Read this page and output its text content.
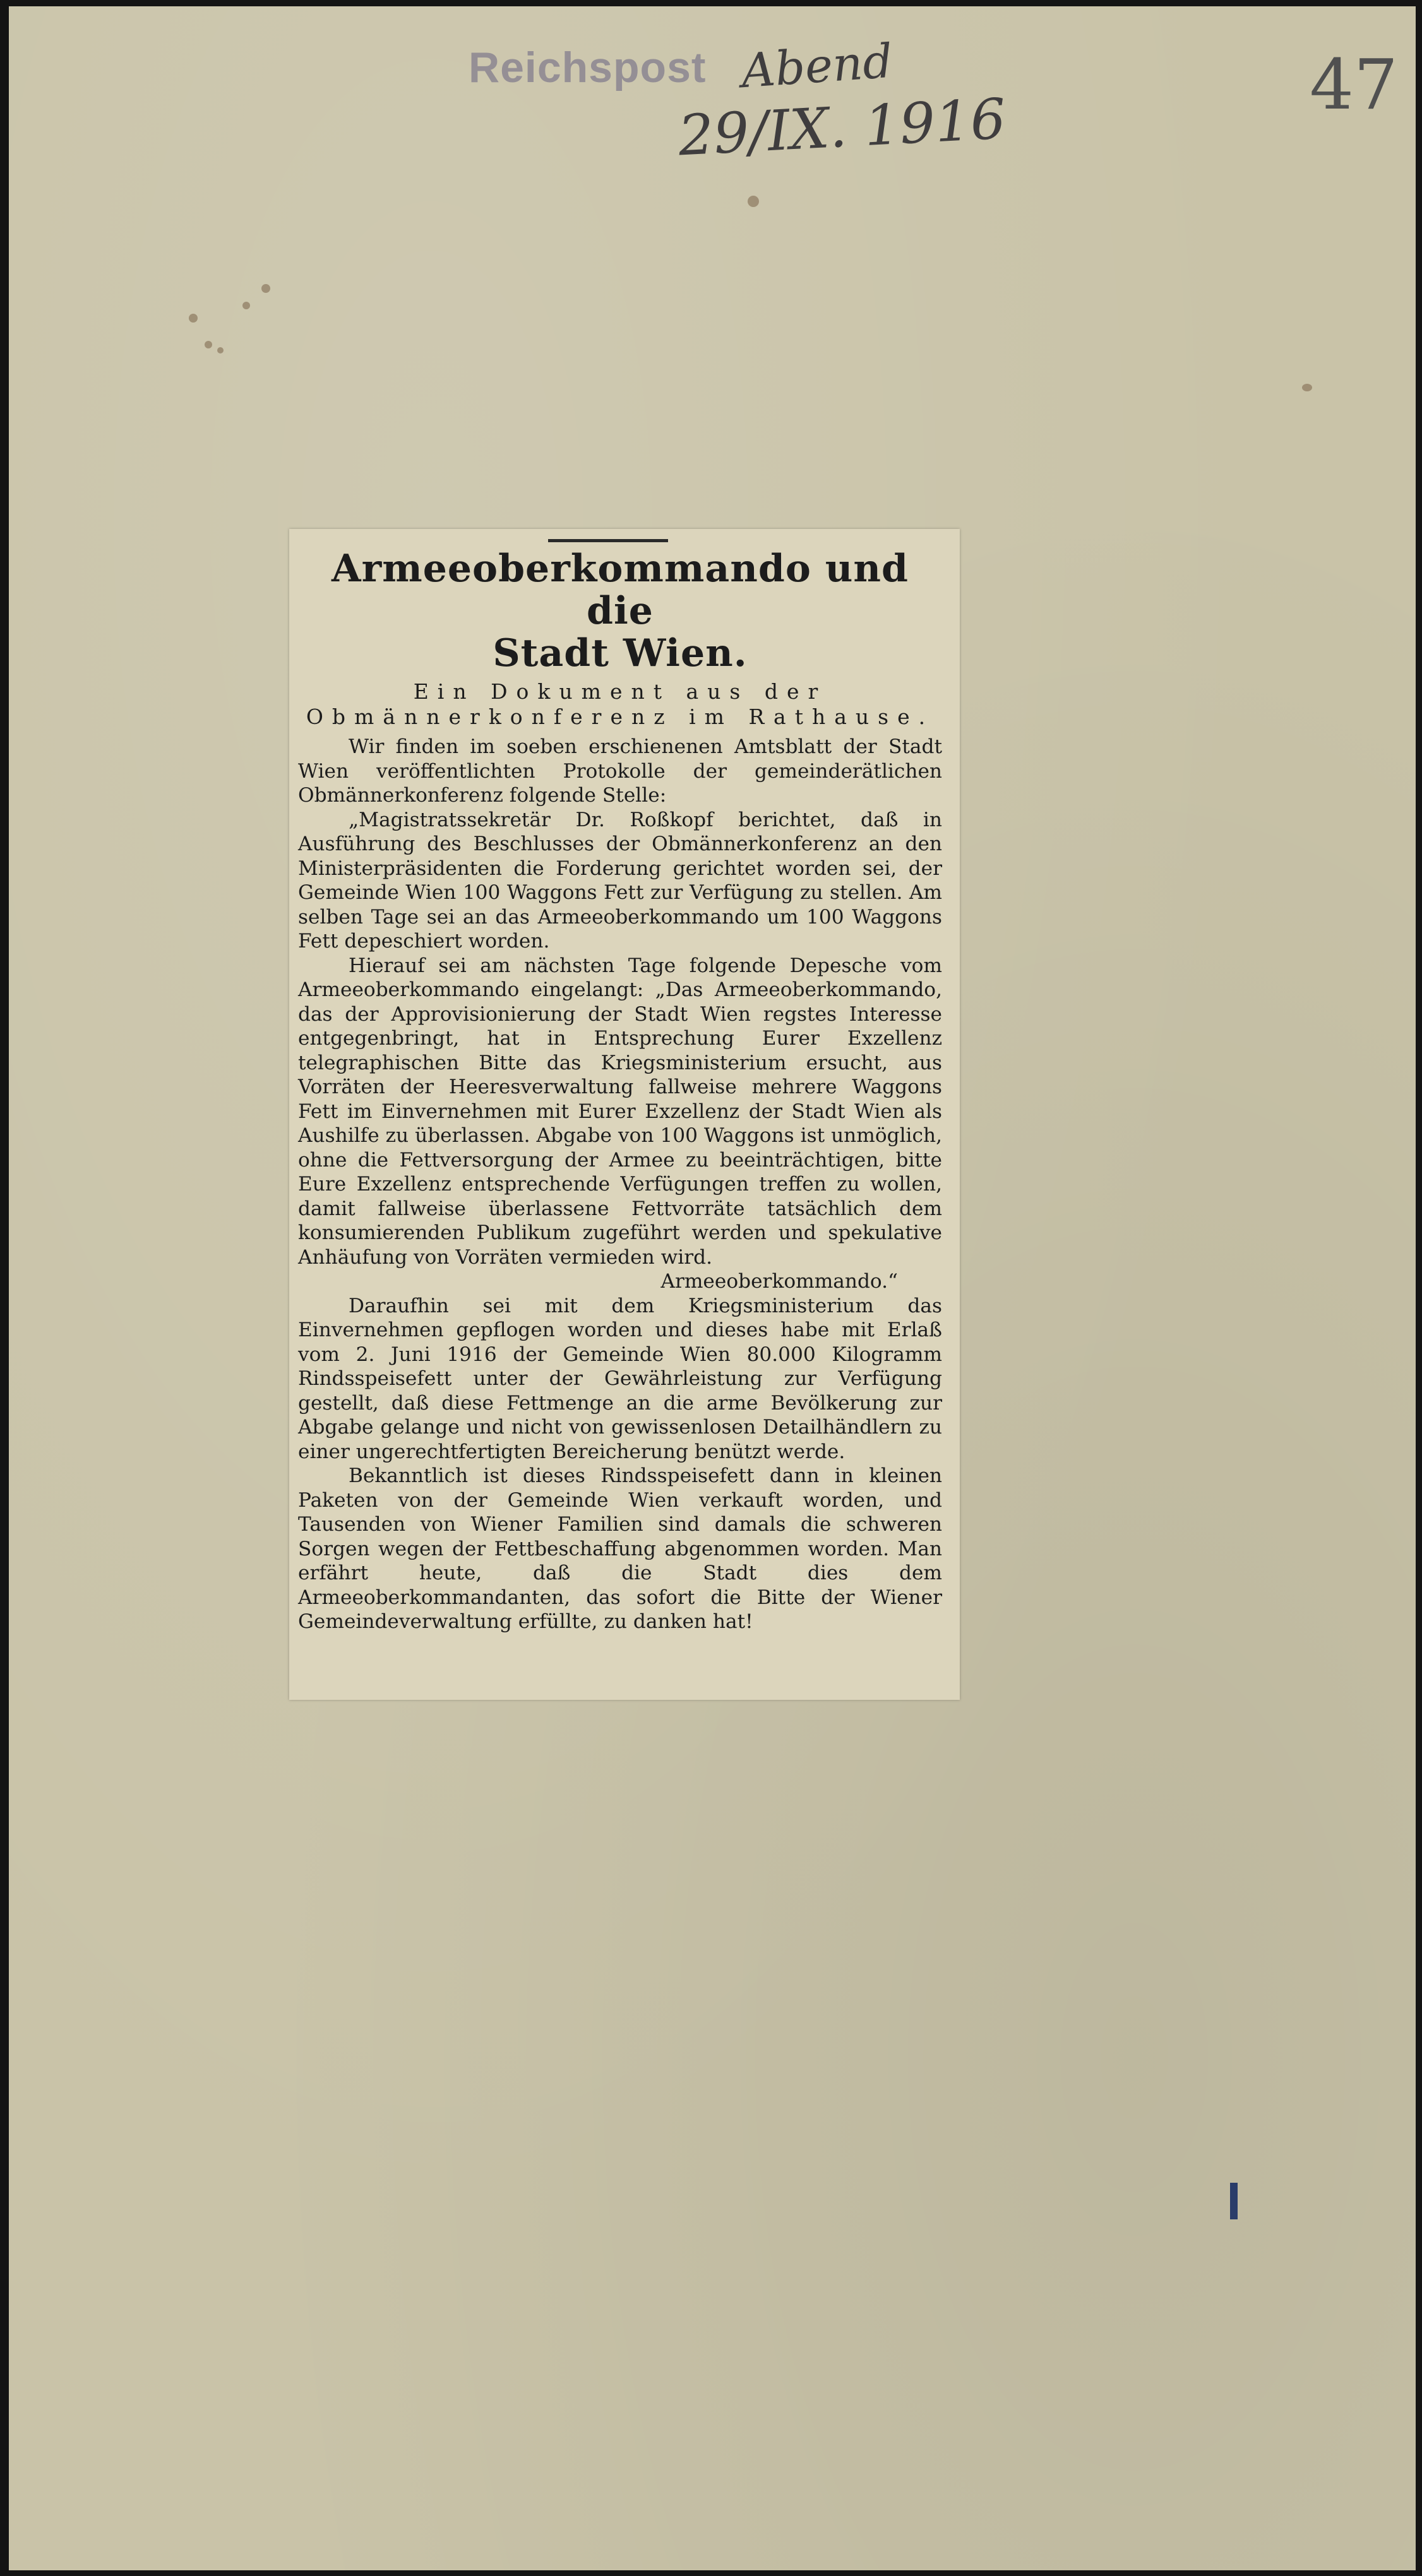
Reichspost Abend
29/IX. 1916
47
Armeeoberkommando und die
Stadt Wien.
Ein Dokument aus der Obmännerkonferenz im Rathause.

Wir finden im soeben erschienenen Amtsblatt der Stadt Wien veröffentlichten Protokolle der gemeinderätlichen Obmännerkonferenz folgende Stelle:

„Magistratssekretär Dr. Roßkopf berichtet, daß in Ausführung des Beschlusses der Obmännerkonferenz an den Ministerpräsidenten die Forderung gerichtet worden sei, der Gemeinde Wien 100 Waggons Fett zur Verfügung zu stellen. Am selben Tage sei an das Armeeoberkommando um 100 Waggons Fett depeschiert worden.

Hierauf sei am nächsten Tage folgende Depesche vom Armeeoberkommando eingelangt: „Das Armeeoberkommando, das der Approvisionierung der Stadt Wien regstes Interesse entgegenbringt, hat in Entsprechung Eurer Exzellenz telegraphischen Bitte das Kriegsministerium ersucht, aus Vorräten der Heeresverwaltung fallweise mehrere Waggons Fett im Einvernehmen mit Eurer Exzellenz der Stadt Wien als Aushilfe zu überlassen. Abgabe von 100 Waggons ist unmöglich, ohne die Fettversorgung der Armee zu beeinträchtigen, bitte Eure Exzellenz entsprechende Verfügungen treffen zu wollen, damit fallweise überlassene Fettvorräte tatsächlich dem konsumierenden Publikum zugeführt werden und spekulative Anhäufung von Vorräten vermieden wird.
Armeeoberkommando.“

Daraufhin sei mit dem Kriegsministerium das Einvernehmen gepflogen worden und dieses habe mit Erlaß vom 2. Juni 1916 der Gemeinde Wien 80.000 Kilogramm Rindsspeisefett unter der Gewährleistung zur Verfügung gestellt, daß diese Fettmenge an die arme Bevölkerung zur Abgabe gelange und nicht von gewissenlosen Detailhändlern zu einer ungerechtfertigten Bereicherung benützt werde.

Bekanntlich ist dieses Rindsspeisefett dann in kleinen Paketen von der Gemeinde Wien verkauft worden, und Tausenden von Wiener Familien sind damals die schweren Sorgen wegen der Fettbeschaffung abgenommen worden. Man erfährt heute, daß die Stadt dies dem Armeeoberkommandanten, das sofort die Bitte der Wiener Gemeindeverwaltung erfüllte, zu danken hat!
